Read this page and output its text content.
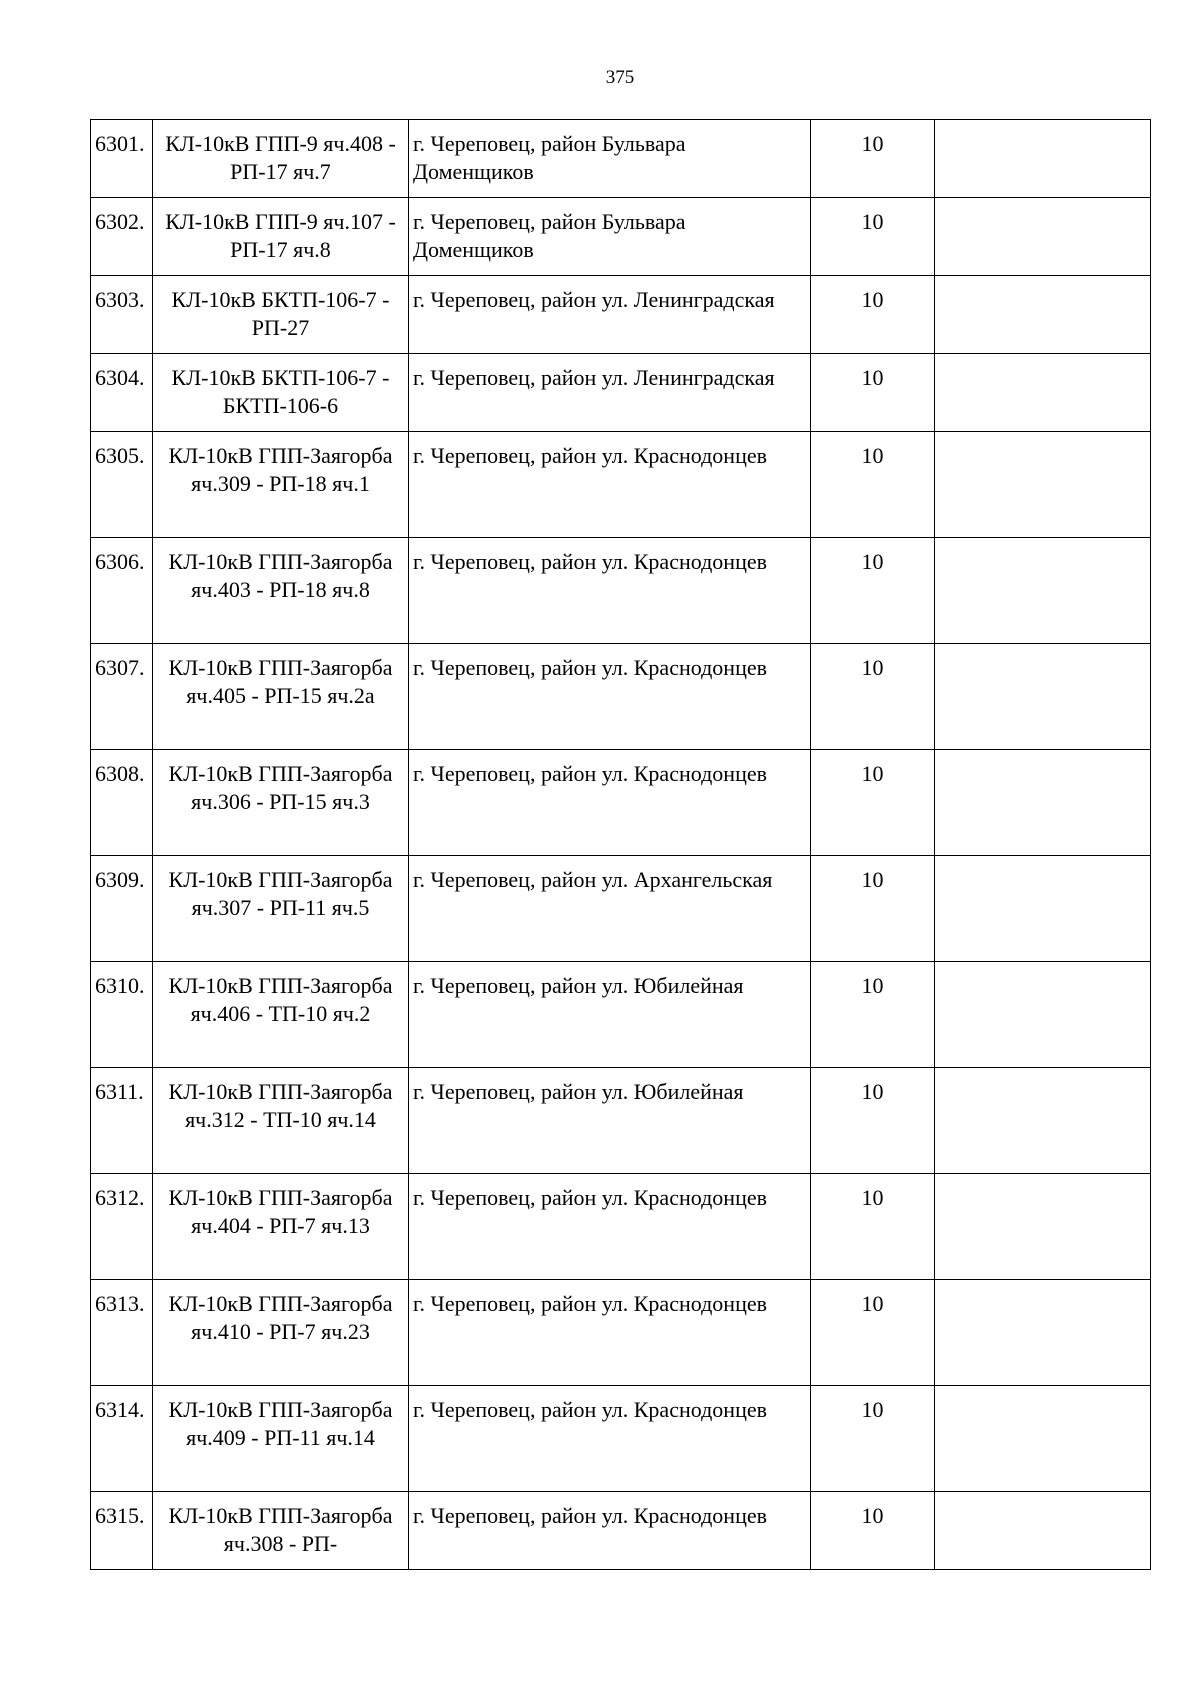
375
6301.	КЛ-10кВ ГПП-9 яч.408 - РП-17 яч.7	г. Череповец, район Бульвара Доменщиков	10	
6302.	КЛ-10кВ ГПП-9 яч.107 - РП-17 яч.8	г. Череповец, район Бульвара Доменщиков	10	
6303.	КЛ-10кВ БКТП-106-7 - РП-27	г. Череповец, район ул. Ленинградская	10	
6304.	КЛ-10кВ БКТП-106-7 - БКТП-106-6	г. Череповец, район ул. Ленинградская	10	
6305.	КЛ-10кВ ГПП-Заягорба яч.309 - РП-18 яч.1	г. Череповец, район ул. Краснодонцев	10	
6306.	КЛ-10кВ ГПП-Заягорба яч.403 - РП-18 яч.8	г. Череповец, район ул. Краснодонцев	10	
6307.	КЛ-10кВ ГПП-Заягорба яч.405 - РП-15 яч.2а	г. Череповец, район ул. Краснодонцев	10	
6308.	КЛ-10кВ ГПП-Заягорба яч.306 - РП-15 яч.3	г. Череповец, район ул. Краснодонцев	10	
6309.	КЛ-10кВ ГПП-Заягорба яч.307 - РП-11 яч.5	г. Череповец, район ул. Архангельская	10	
6310.	КЛ-10кВ ГПП-Заягорба яч.406 - ТП-10 яч.2	г. Череповец, район ул. Юбилейная	10	
6311.	КЛ-10кВ ГПП-Заягорба яч.312 - ТП-10 яч.14	г. Череповец, район ул. Юбилейная	10	
6312.	КЛ-10кВ ГПП-Заягорба яч.404 - РП-7 яч.13	г. Череповец, район ул. Краснодонцев	10	
6313.	КЛ-10кВ ГПП-Заягорба яч.410 - РП-7 яч.23	г. Череповец, район ул. Краснодонцев	10	
6314.	КЛ-10кВ ГПП-Заягорба яч.409 - РП-11 яч.14	г. Череповец, район ул. Краснодонцев	10	
6315.	КЛ-10кВ ГПП-Заягорба яч.308 - РП-	г. Череповец, район ул. Краснодонцев	10	
